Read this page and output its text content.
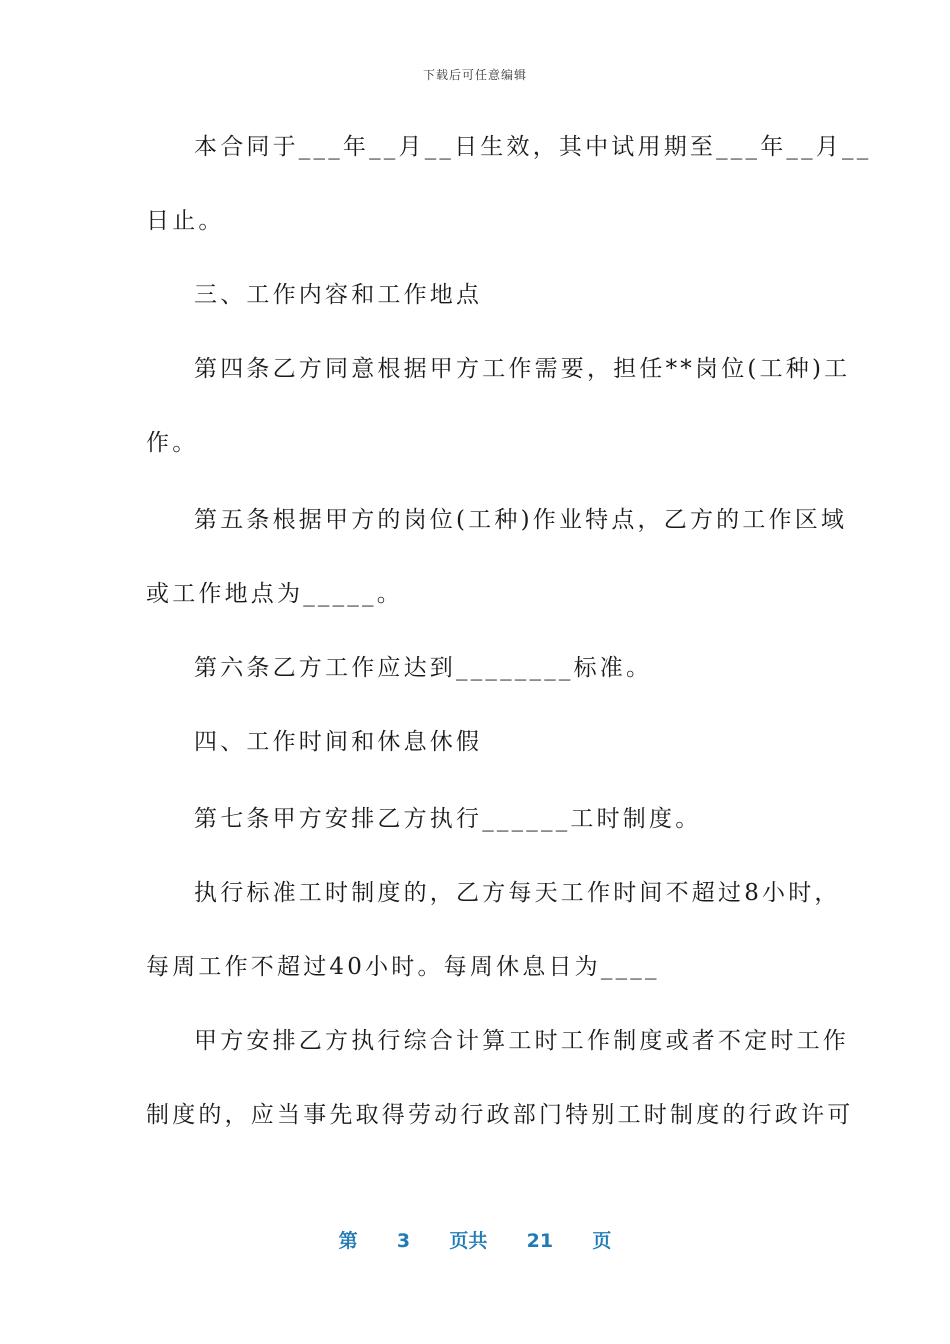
下载后可任意编辑
本合同于___年__月__日生效，其中试用期至___年__月__
日止。
三、工作内容和工作地点
第四条乙方同意根据甲方工作需要，担任**岗位(工种)工
作。
第五条根据甲方的岗位(工种)作业特点，乙方的工作区域
或工作地点为_____。
第六条乙方工作应达到________标准。
四、工作时间和休息休假
第七条甲方安排乙方执行______工时制度。
执行标准工时制度的，乙方每天工作时间不超过8小时，
每周工作不超过40小时。每周休息日为____
甲方安排乙方执行综合计算工时工作制度或者不定时工作
制度的，应当事先取得劳动行政部门特别工时制度的行政许可
第 3 页共 21 页
